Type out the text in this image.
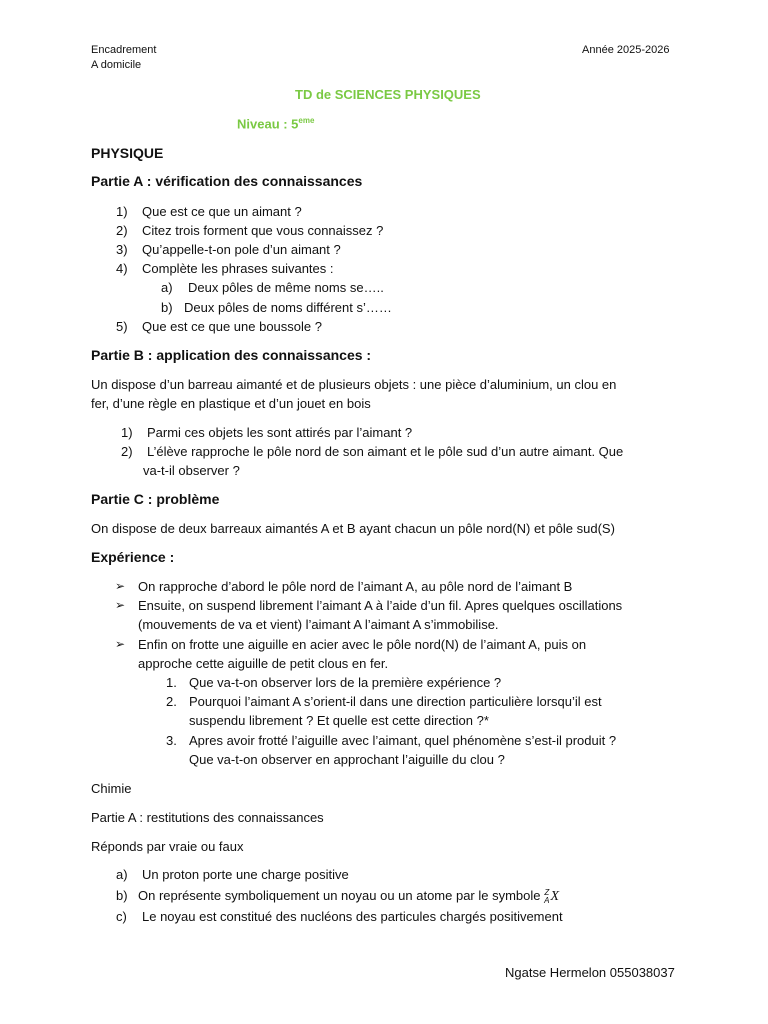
Encadrement
A domicile
Année 2025-2026
TD de SCIENCES PHYSIQUES
Niveau : 5eme
PHYSIQUE
Partie A : vérification des connaissances
1) Que est ce que un aimant ?
2) Citez trois forment que vous connaissez ?
3) Qu’appelle-t-on pole d’un aimant ?
4) Complète les phrases suivantes :
a) Deux pôles de même noms se…..
b) Deux pôles de noms différent s’……
5) Que est ce que une boussole ?
Partie B : application des connaissances :
Un dispose d’un barreau aimanté et de plusieurs objets : une pièce d’aluminium, un clou en
fer, d’une règle en plastique et d’un jouet en bois
1) Parmi ces objets les sont attirés par l’aimant ?
2) L’élève rapproche le pôle nord de son aimant et le pôle sud d’un autre aimant. Que
va-t-il observer ?
Partie C : problème
On dispose de deux barreaux aimantés A et B ayant chacun un pôle nord(N) et pôle sud(S)
Expérience :
➢ On rapproche d’abord le pôle nord de l’aimant A, au pôle nord de l’aimant B
➢ Ensuite, on suspend librement l’aimant A à l’aide d’un fil. Apres quelques oscillations
(mouvements de va et vient) l’aimant A l’aimant A s’immobilise.
➢ Enfin on frotte une aiguille en acier avec le pôle nord(N) de l’aimant A, puis on
approche cette aiguille de petit clous en fer.
1. Que va-t-on observer lors de la première expérience ?
2. Pourquoi l’aimant A s’orient-il dans une direction particulière lorsqu’il est
suspendu librement ? Et quelle est cette direction ?*
3. Apres avoir frotté l’aiguille avec l’aimant, quel phénomène s’est-il produit ?
Que va-t-on observer en approchant l’aiguille du clou ?
Chimie
Partie A : restitutions des connaissances
Réponds par vraie ou faux
a) Un proton porte une charge positive
b) On représente symboliquement un noyau ou un atome par le symbole Z
AX
c) Le noyau est constitué des nucléons des particules chargés positivement
Ngatse Hermelon 055038037
